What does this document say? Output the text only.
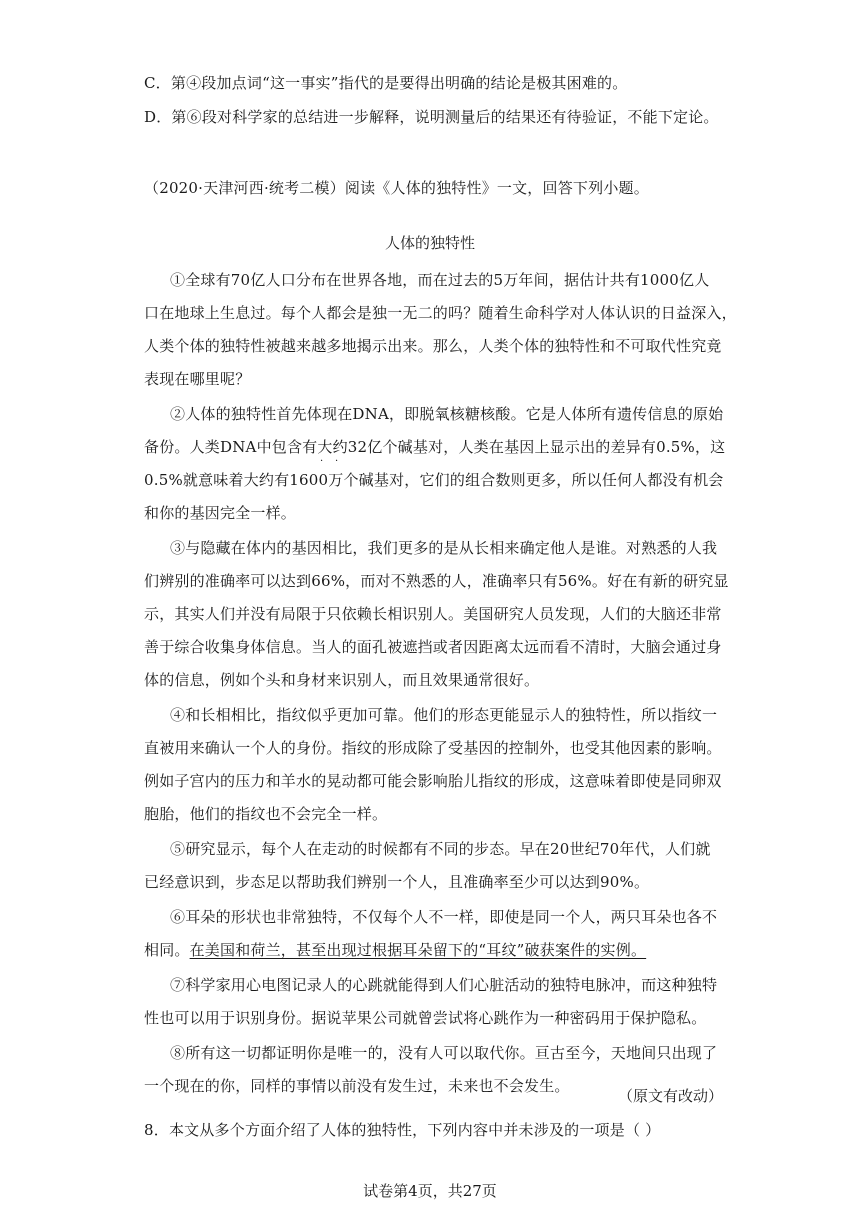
C．第④段加点词“这一事实”指代的是要得出明确的结论是极其困难的。
D．第⑥段对科学家的总结进一步解释，说明测量后的结果还有待验证，不能下定论。
（2020·天津河西·统考二模）阅读《人体的独特性》一文，回答下列小题。
人体的独特性
①全球有70亿人口分布在世界各地，而在过去的5万年间，据估计共有1000亿人
口在地球上生息过。每个人都会是独一无二的吗？随着生命科学对人体认识的日益深入，
人类个体的独特性被越来越多地揭示出来。那么，人类个体的独特性和不可取代性究竟
表现在哪里呢？
②人体的独特性首先体现在DNA，即脱氧核糖核酸。它是人体所有遗传信息的原始
备份。人类DNA中包含有大约32亿个碱基对，人类在基因上显示出的差异有0.5%，这
· ·
0.5%就意味着大约有1600万个碱基对，它们的组合数则更多，所以任何人都没有机会
和你的基因完全一样。
③与隐藏在体内的基因相比，我们更多的是从长相来确定他人是谁。对熟悉的人我
们辨别的准确率可以达到66%，而对不熟悉的人，准确率只有56%。好在有新的研究显
示，其实人们并没有局限于只依赖长相识别人。美国研究人员发现，人们的大脑还非常
善于综合收集身体信息。当人的面孔被遮挡或者因距离太远而看不清时，大脑会通过身
体的信息，例如个头和身材来识别人，而且效果通常很好。
④和长相相比，指纹似乎更加可靠。他们的形态更能显示人的独特性，所以指纹一
直被用来确认一个人的身份。指纹的形成除了受基因的控制外，也受其他因素的影响。
例如子宫内的压力和羊水的晃动都可能会影响胎儿指纹的形成，这意味着即使是同卵双
胞胎，他们的指纹也不会完全一样。
⑤研究显示，每个人在走动的时候都有不同的步态。早在20世纪70年代，人们就
已经意识到，步态足以帮助我们辨别一个人，且准确率至少可以达到90%。
⑥耳朵的形状也非常独特，不仅每个人不一样，即使是同一个人，两只耳朵也各不
相同。在美国和荷兰，甚至出现过根据耳朵留下的“耳纹”破获案件的实例。
⑦科学家用心电图记录人的心跳就能得到人们心脏活动的独特电脉冲，而这种独特
性也可以用于识别身份。据说苹果公司就曾尝试将心跳作为一种密码用于保护隐私。
⑧所有这一切都证明你是唯一的，没有人可以取代你。亘古至今，天地间只出现了
一个现在的你，同样的事情以前没有发生过，未来也不会发生。
（原文有改动）
8．本文从多个方面介绍了人体的独特性，下列内容中并未涉及的一项是（ ）
试卷第4页，共27页
